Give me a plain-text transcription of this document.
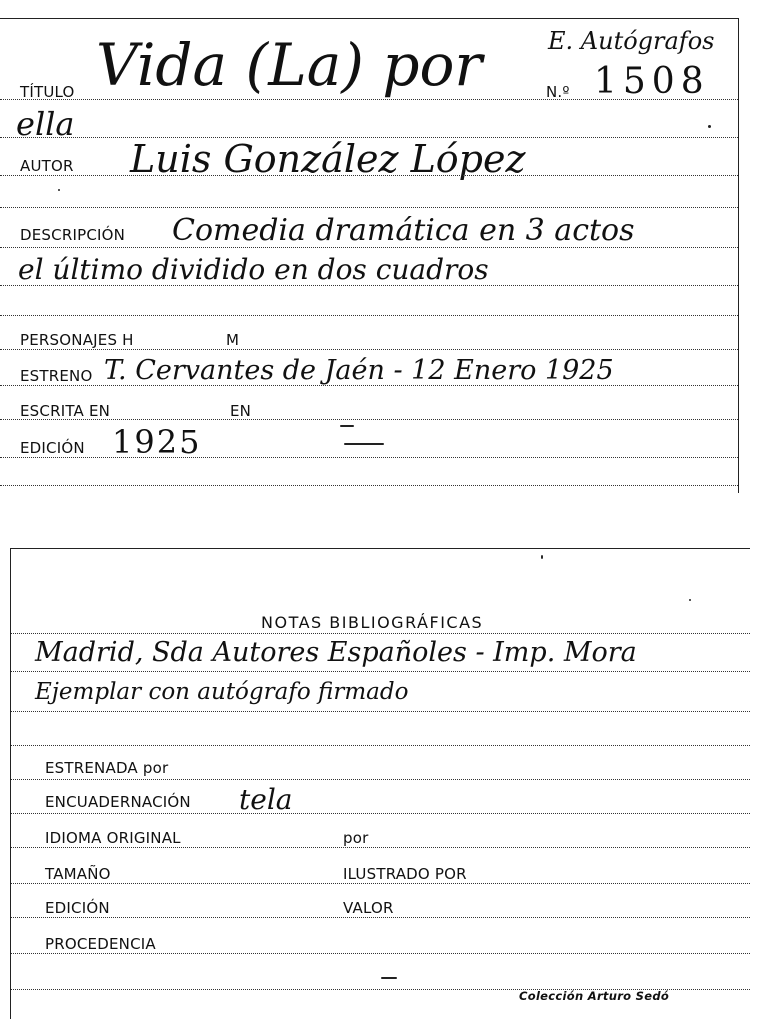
E. Autógrafos
TÍTULO Vida (La) por	N.º 1508
ella
AUTOR Luis González López
DESCRIPCIÓN Comedia dramática en 3 actos
el último dividido en dos cuadros
PERSONAJES H	M
ESTRENO T. Cervantes de Jaén - 12 Enero 1925
ESCRITA EN	EN
EDICIÓN 1925
NOTAS BIBLIOGRÁFICAS
Madrid, Sda Autores Españoles - Imp. Mora
Ejemplar con autógrafo firmado
ESTRENADA por
ENCUADERNACIÓN tela
IDIOMA ORIGINAL	por
TAMAÑO	ILUSTRADO POR
EDICIÓN	VALOR
PROCEDENCIA
Colección Arturo Sedó
